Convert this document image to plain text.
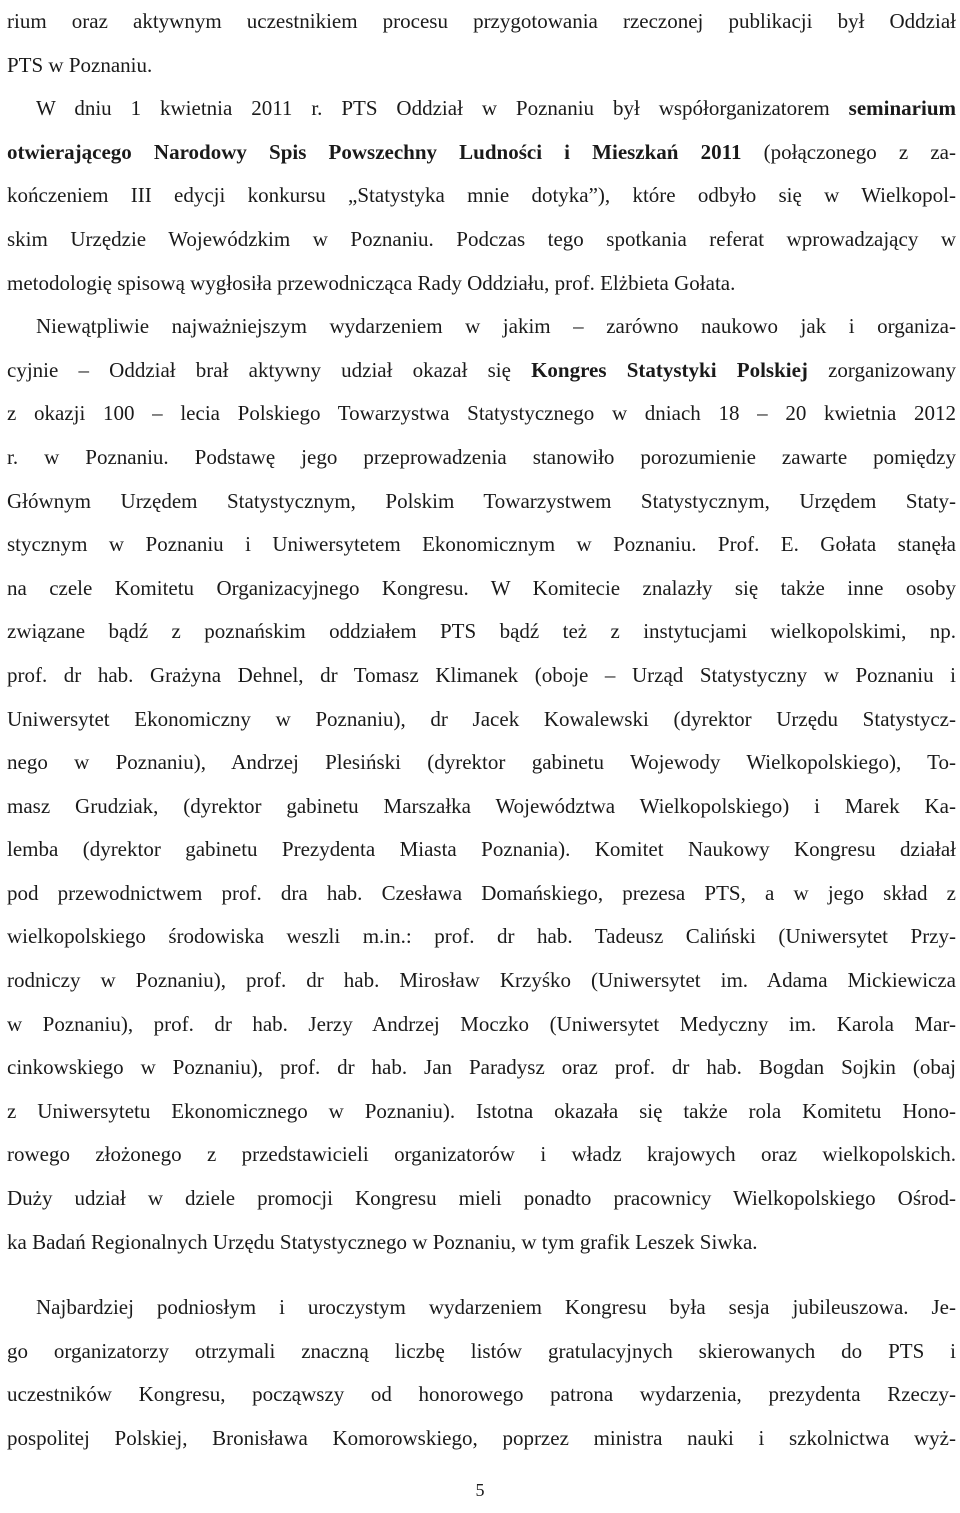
rium oraz aktywnym uczestnikiem procesu przygotowania rzeczonej publikacji był Oddział
PTS w Poznaniu.
W dniu 1 kwietnia 2011 r. PTS Oddział w Poznaniu był współorganizatorem seminarium
otwierającego Narodowy Spis Powszechny Ludności i Mieszkań 2011 (połączonego z za-
kończeniem III edycji konkursu „Statystyka mnie dotyka”), które odbyło się w Wielkopol-
skim Urzędzie Wojewódzkim w Poznaniu. Podczas tego spotkania referat wprowadzający w
metodologię spisową wygłosiła przewodnicząca Rady Oddziału, prof. Elżbieta Gołata.
Niewątpliwie najważniejszym wydarzeniem w jakim – zarówno naukowo jak i organiza-
cyjnie – Oddział brał aktywny udział okazał się Kongres Statystyki Polskiej zorganizowany
z okazji 100 – lecia Polskiego Towarzystwa Statystycznego w dniach 18 – 20 kwietnia 2012
r. w Poznaniu. Podstawę jego przeprowadzenia stanowiło porozumienie zawarte pomiędzy
Głównym Urzędem Statystycznym, Polskim Towarzystwem Statystycznym, Urzędem Staty-
stycznym w Poznaniu i Uniwersytetem Ekonomicznym w Poznaniu. Prof. E. Gołata stanęła
na czele Komitetu Organizacyjnego Kongresu. W Komitecie znalazły się także inne osoby
związane bądź z poznańskim oddziałem PTS bądź też z instytucjami wielkopolskimi, np.
prof. dr hab. Grażyna Dehnel, dr Tomasz Klimanek (oboje – Urząd Statystyczny w Poznaniu i
Uniwersytet Ekonomiczny w Poznaniu), dr Jacek Kowalewski (dyrektor Urzędu Statystycz-
nego w Poznaniu), Andrzej Plesiński (dyrektor gabinetu Wojewody Wielkopolskiego), To-
masz Grudziak, (dyrektor gabinetu Marszałka Województwa Wielkopolskiego) i Marek Ka-
lemba (dyrektor gabinetu Prezydenta Miasta Poznania). Komitet Naukowy Kongresu działał
pod przewodnictwem prof. dra hab. Czesława Domańskiego, prezesa PTS, a w jego skład z
wielkopolskiego środowiska weszli m.in.: prof. dr hab. Tadeusz Caliński (Uniwersytet Przy-
rodniczy w Poznaniu), prof. dr hab. Mirosław Krzyśko (Uniwersytet im. Adama Mickiewicza
w Poznaniu), prof. dr hab. Jerzy Andrzej Moczko (Uniwersytet Medyczny im. Karola Mar-
cinkowskiego w Poznaniu), prof. dr hab. Jan Paradysz oraz prof. dr hab. Bogdan Sojkin (obaj
z Uniwersytetu Ekonomicznego w Poznaniu). Istotna okazała się także rola Komitetu Hono-
rowego złożonego z przedstawicieli organizatorów i władz krajowych oraz wielkopolskich.
Duży udział w dziele promocji Kongresu mieli ponadto pracownicy Wielkopolskiego Ośrod-
ka Badań Regionalnych Urzędu Statystycznego w Poznaniu, w tym grafik Leszek Siwka.
Najbardziej podniosłym i uroczystym wydarzeniem Kongresu była sesja jubileuszowa. Je-
go organizatorzy otrzymali znaczną liczbę listów gratulacyjnych skierowanych do PTS i
uczestników Kongresu, począwszy od honorowego patrona wydarzenia, prezydenta Rzeczy-
pospolitej Polskiej, Bronisława Komorowskiego, poprzez ministra nauki i szkolnictwa wyż-
5
